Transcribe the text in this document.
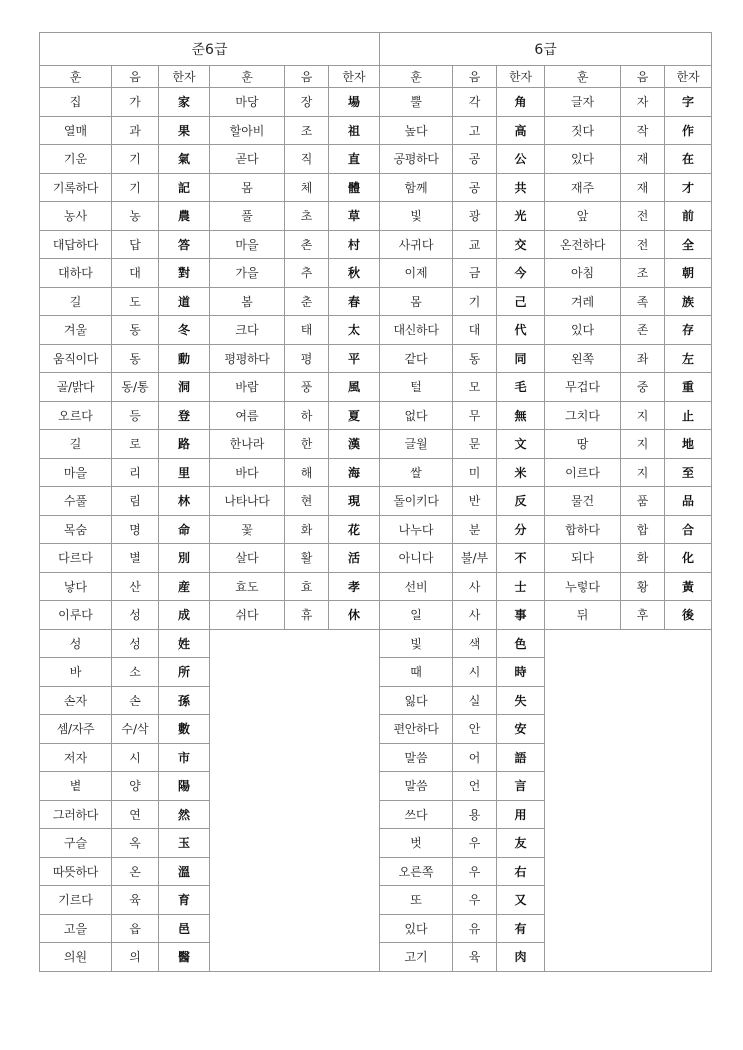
준6급						6급					
훈	음	한자	훈	음	한자	훈	음	한자	훈	음	한자
집	가	家	마당	장	場	뿔	각	角	글자	자	字
열매	과	果	할아비	조	祖	높다	고	高	짓다	작	作
기운	기	氣	곧다	직	直	공평하다	공	公	있다	재	在
기록하다	기	記	몸	체	體	함께	공	共	재주	재	才
농사	농	農	풀	초	草	빛	광	光	앞	전	前
대답하다	답	答	마을	촌	村	사귀다	교	交	온전하다	전	全
대하다	대	對	가을	추	秋	이제	금	今	아침	조	朝
길	도	道	봄	춘	春	몸	기	己	겨레	족	族
겨울	동	冬	크다	태	太	대신하다	대	代	있다	존	存
움직이다	동	動	평평하다	평	平	같다	동	同	왼쪽	좌	左
골/밝다	동/통	洞	바람	풍	風	털	모	毛	무겁다	중	重
오르다	등	登	여름	하	夏	없다	무	無	그치다	지	止
길	로	路	한나라	한	漢	글월	문	文	땅	지	地
마을	리	里	바다	해	海	쌀	미	米	이르다	지	至
수풀	림	林	나타나다	현	現	돌이키다	반	反	물건	품	品
목숨	명	命	꽃	화	花	나누다	분	分	합하다	합	合
다르다	별	別	살다	활	活	아니다	불/부	不	되다	화	化
낳다	산	産	효도	효	孝	선비	사	士	누렇다	황	黃
이루다	성	成	쉬다	휴	休	일	사	事	뒤	후	後
성	성	姓				빛	색	色			
바	소	所				때	시	時			
손자	손	孫				잃다	실	失			
셈/자주	수/삭	數				편안하다	안	安			
저자	시	市				말씀	어	語			
볕	양	陽				말씀	언	言			
그러하다	연	然				쓰다	용	用			
구슬	옥	玉				벗	우	友			
따뜻하다	온	溫				오른쪽	우	右			
기르다	육	育				또	우	又			
고을	읍	邑				있다	유	有			
의원	의	醫				고기	육	肉			
